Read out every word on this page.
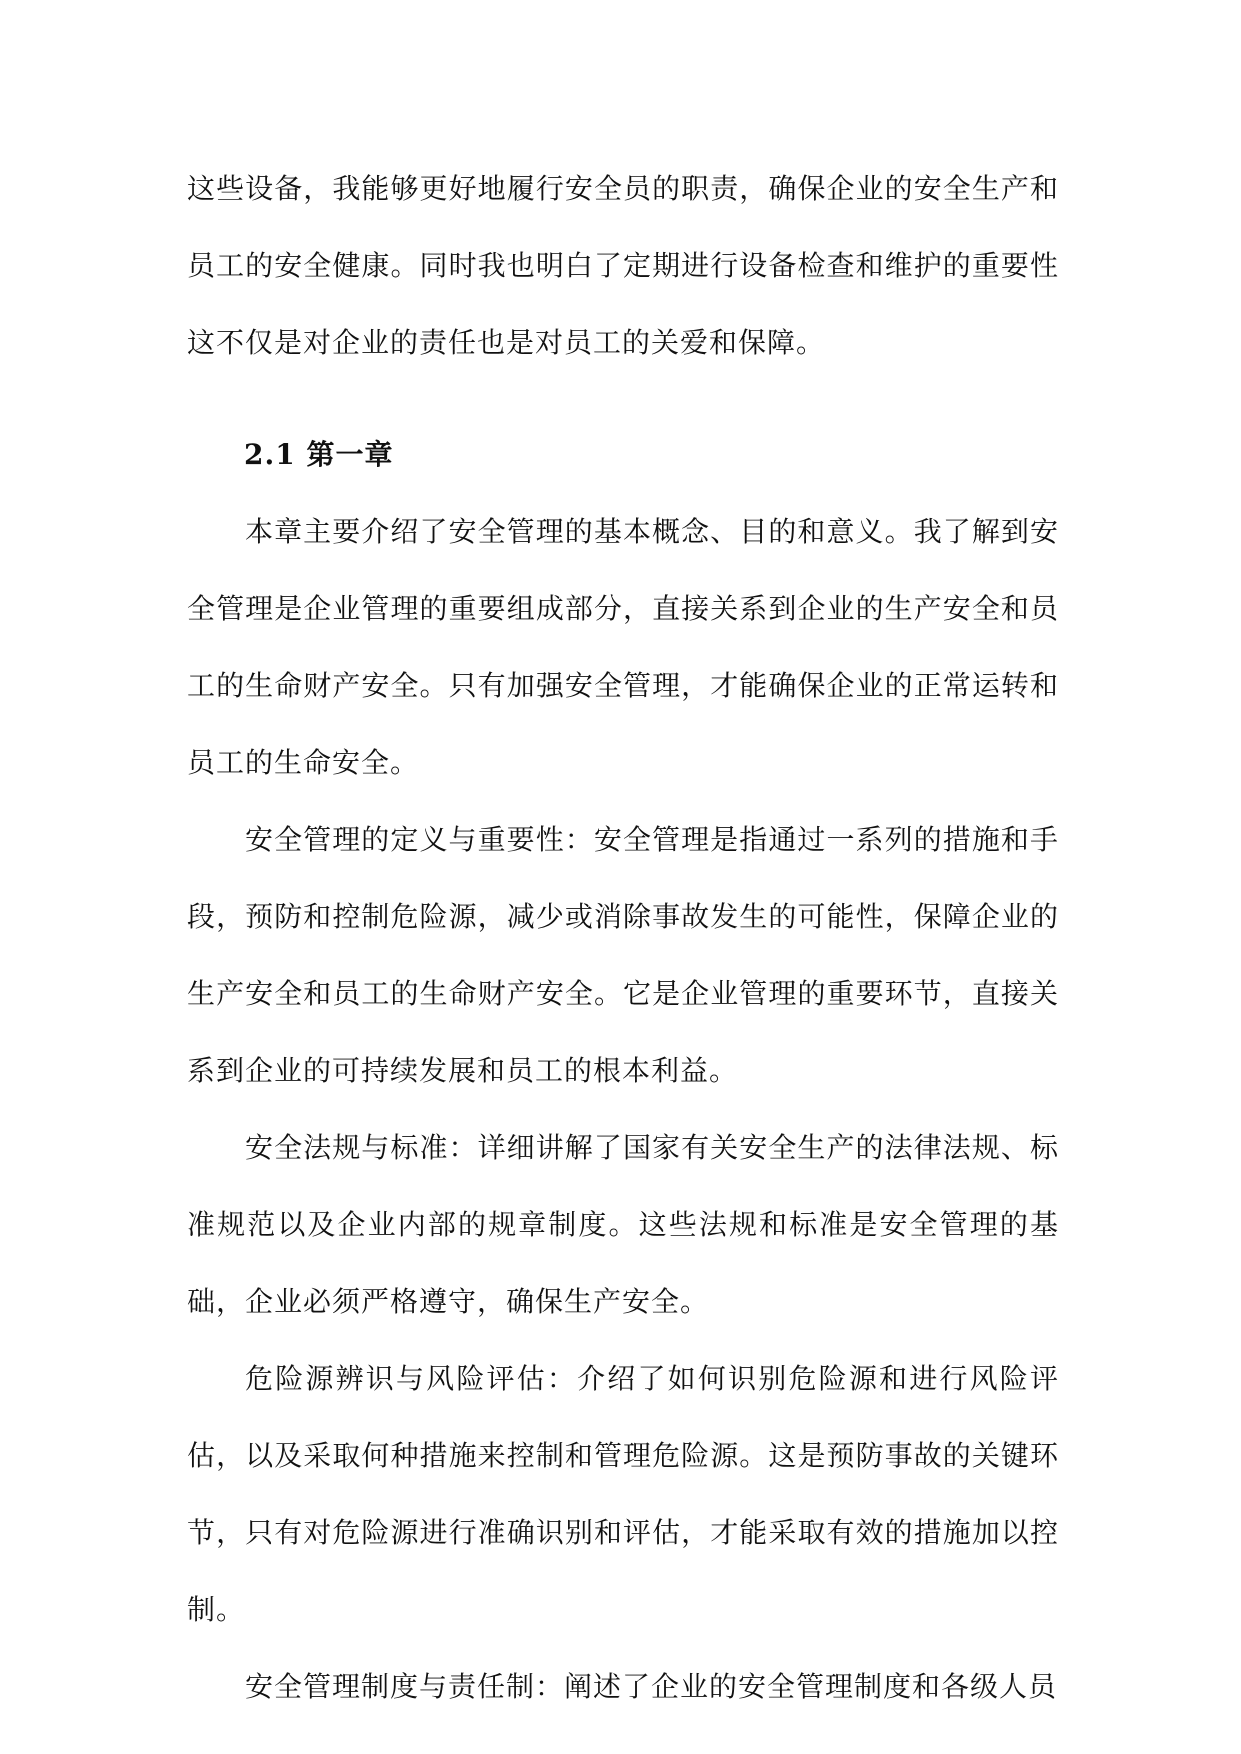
这些设备，我能够更好地履行安全员的职责，确保企业的安全生产和员工的安全健康。同时我也明白了定期进行设备检查和维护的重要性这不仅是对企业的责任也是对员工的关爱和保障。

2.1 第一章

本章主要介绍了安全管理的基本概念、目的和意义。我了解到安全管理是企业管理的重要组成部分，直接关系到企业的生产安全和员工的生命财产安全。只有加强安全管理，才能确保企业的正常运转和员工的生命安全。

安全管理的定义与重要性：安全管理是指通过一系列的措施和手段，预防和控制危险源，减少或消除事故发生的可能性，保障企业的生产安全和员工的生命财产安全。它是企业管理的重要环节，直接关系到企业的可持续发展和员工的根本利益。

安全法规与标准：详细讲解了国家有关安全生产的法律法规、标准规范以及企业内部的规章制度。这些法规和标准是安全管理的基础，企业必须严格遵守，确保生产安全。

危险源辨识与风险评估：介绍了如何识别危险源和进行风险评估，以及采取何种措施来控制和管理危险源。这是预防事故的关键环节，只有对危险源进行准确识别和评估，才能采取有效的措施加以控制。

安全管理制度与责任制：阐述了企业的安全管理制度和各级人员
